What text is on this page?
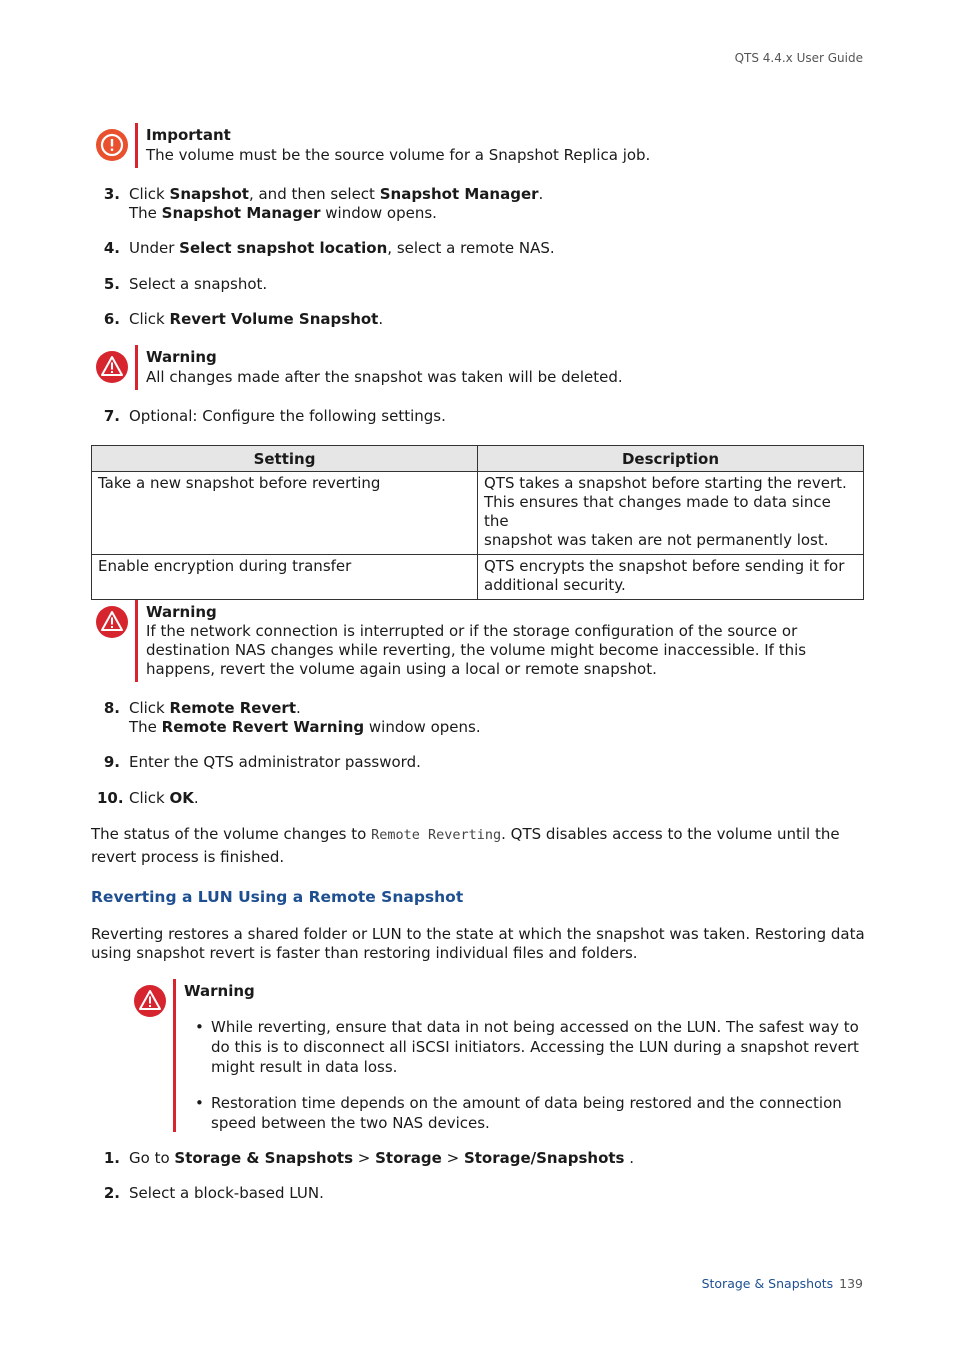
QTS 4.4.x User Guide
Important
The volume must be the source volume for a Snapshot Replica job.
3. Click Snapshot, and then select Snapshot Manager.
The Snapshot Manager window opens.
4. Under Select snapshot location, select a remote NAS.
5. Select a snapshot.
6. Click Revert Volume Snapshot.
Warning
All changes made after the snapshot was taken will be deleted.
7. Optional: Configure the following settings.
Setting	Description
Take a new snapshot before reverting	QTS takes a snapshot before starting the revert.
This ensures that changes made to data since the
snapshot was taken are not permanently lost.
Enable encryption during transfer	QTS encrypts the snapshot before sending it for
additional security.
Warning
If the network connection is interrupted or if the storage configuration of the source or
destination NAS changes while reverting, the volume might become inaccessible. If this
happens, revert the volume again using a local or remote snapshot.
8. Click Remote Revert.
The Remote Revert Warning window opens.
9. Enter the QTS administrator password.
10. Click OK.
The status of the volume changes to Remote Reverting. QTS disables access to the volume until the
revert process is finished.
Reverting a LUN Using a Remote Snapshot
Reverting restores a shared folder or LUN to the state at which the snapshot was taken. Restoring data
using snapshot revert is faster than restoring individual files and folders.
Warning
• While reverting, ensure that data in not being accessed on the LUN. The safest way to
do this is to disconnect all iSCSI initiators. Accessing the LUN during a snapshot revert
might result in data loss.
• Restoration time depends on the amount of data being restored and the connection
speed between the two NAS devices.
1. Go to Storage & Snapshots > Storage > Storage/Snapshots .
2. Select a block-based LUN.
Storage & Snapshots 139
